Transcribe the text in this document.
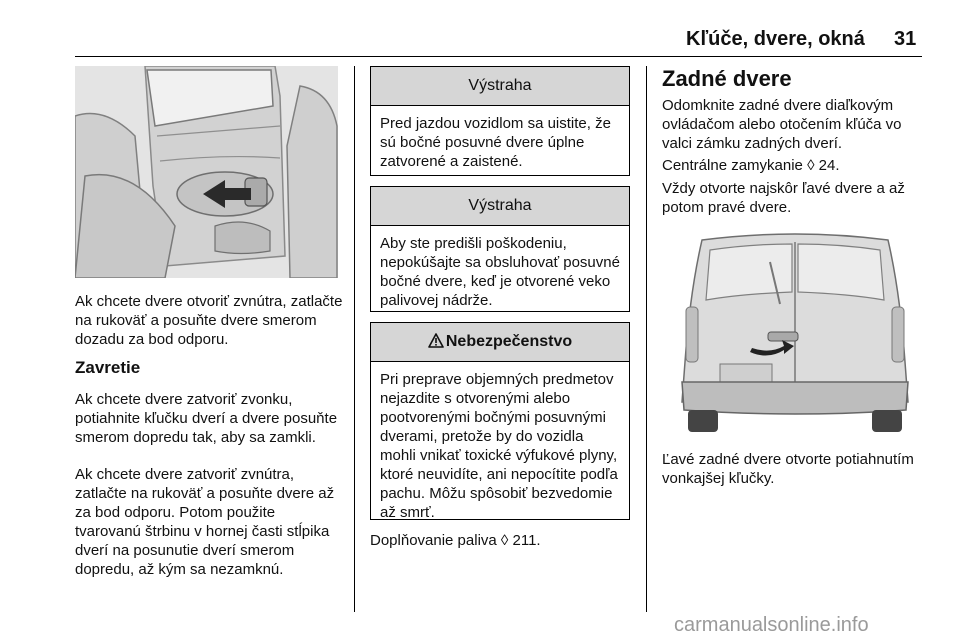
Kľúče, dvere, okná 31

Ak chcete dvere otvoriť zvnútra, zatlačte na rukoväť a posuňte dvere smerom dozadu za bod odporu.

Zavretie

Ak chcete dvere zatvoriť zvonku, potiahnite kľučku dverí a dvere posuňte smerom dopredu tak, aby sa zamkli.

Ak chcete dvere zatvoriť zvnútra, zatlačte na rukoväť a posuňte dvere až za bod odporu. Potom použite tvarovanú štrbinu v hornej časti stĺpika dverí na posunutie dverí smerom dopredu, až kým sa nezamknú.

Výstraha
Pred jazdou vozidlom sa uistite, že sú bočné posuvné dvere úplne zatvorené a zaistené.
Výstraha
Aby ste predišli poškodeniu, nepokúšajte sa obsluhovať posuvné bočné dvere, keď je otvorené veko palivovej nádrže.
Nebezpečenstvo
Pri preprave objemných predmetov nejazdite s otvorenými alebo pootvorenými bočnými posuvnými dverami, pretože by do vozidla mohli vnikať toxické výfukové plyny, ktoré neuvidíte, ani nepocítite podľa pachu. Môžu spôsobiť bezvedomie až smrť.

Doplňovanie paliva ◊ 211.

Zadné dvere

Odomknite zadné dvere diaľkovým ovládačom alebo otočením kľúča vo valci zámku zadných dverí.

Centrálne zamykanie ◊ 24.

Vždy otvorte najskôr ľavé dvere a až potom pravé dvere.

Ľavé zadné dvere otvorte potiahnutím vonkajšej kľučky.

carmanualsonline.info
